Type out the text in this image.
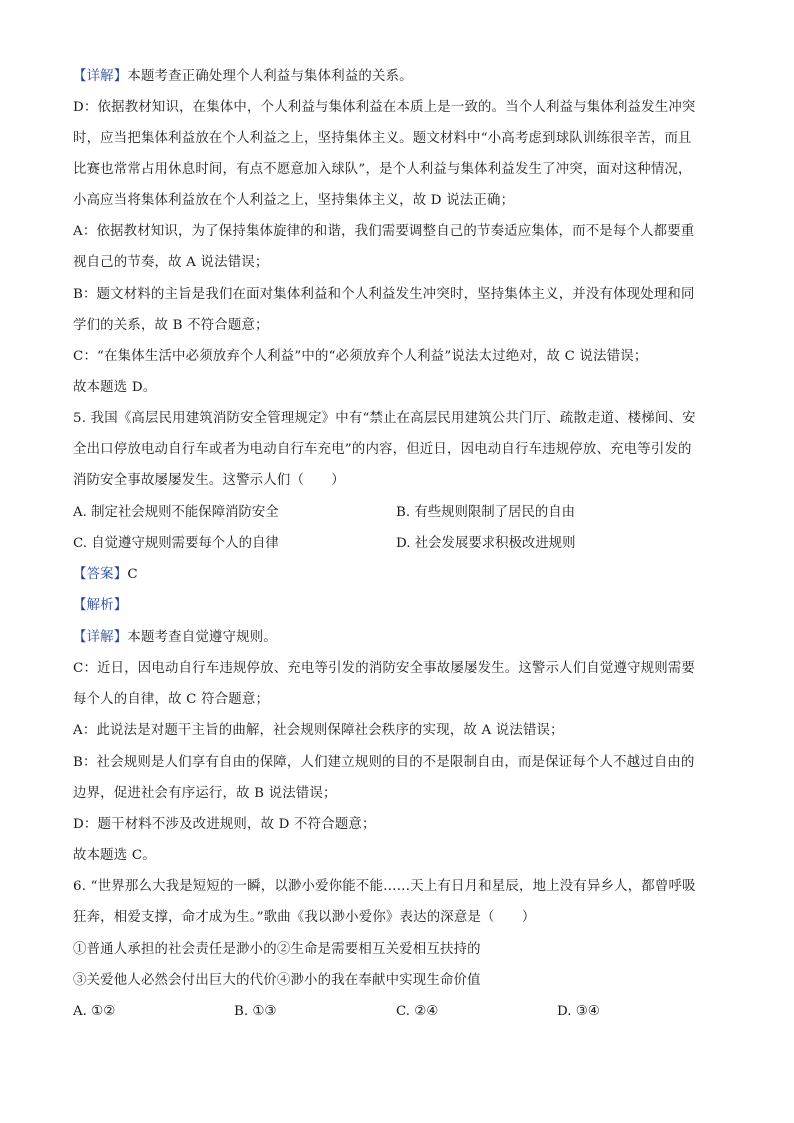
【详解】本题考查正确处理个人利益与集体利益的关系。
D：依据教材知识，在集体中，个人利益与集体利益在本质上是一致的。当个人利益与集体利益发生冲突
时，应当把集体利益放在个人利益之上，坚持集体主义。题文材料中“小高考虑到球队训练很辛苦，而且
比赛也常常占用休息时间，有点不愿意加入球队”，是个人利益与集体利益发生了冲突，面对这种情况，
小高应当将集体利益放在个人利益之上，坚持集体主义，故 D 说法正确；
A：依据教材知识，为了保持集体旋律的和谐，我们需要调整自己的节奏适应集体，而不是每个人都要重
视自己的节奏，故 A 说法错误；
B：题文材料的主旨是我们在面对集体利益和个人利益发生冲突时，坚持集体主义，并没有体现处理和同
学们的关系，故 B 不符合题意；
C：“在集体生活中必须放弃个人利益”中的“必须放弃个人利益”说法太过绝对，故 C 说法错误；
故本题选 D。
5. 我国《高层民用建筑消防安全管理规定》中有“禁止在高层民用建筑公共门厅、疏散走道、楼梯间、安
全出口停放电动自行车或者为电动自行车充电”的内容，但近日，因电动自行车违规停放、充电等引发的
消防安全事故屡屡发生。这警示人们（　　）
A. 制定社会规则不能保障消防安全	B. 有些规则限制了居民的自由
C. 自觉遵守规则需要每个人的自律	D. 社会发展要求积极改进规则
【答案】C
【解析】
【详解】本题考查自觉遵守规则。
C：近日，因电动自行车违规停放、充电等引发的消防安全事故屡屡发生。这警示人们自觉遵守规则需要
每个人的自律，故 C 符合题意；
A：此说法是对题干主旨的曲解，社会规则保障社会秩序的实现，故 A 说法错误；
B：社会规则是人们享有自由的保障，人们建立规则的目的不是限制自由，而是保证每个人不越过自由的
边界，促进社会有序运行，故 B 说法错误；
D：题干材料不涉及改进规则，故 D 不符合题意；
故本题选 C。
6. “世界那么大我是短短的一瞬，以渺小爱你能不能……天上有日月和星辰，地上没有异乡人，都曾呼吸
狂奔，相爱支撑，命才成为生。”歌曲《我以渺小爱你》表达的深意是（　　）
①普通人承担的社会责任是渺小的②生命是需要相互关爱相互扶持的
③关爱他人必然会付出巨大的代价④渺小的我在奉献中实现生命价值
A. ①②	B. ①③	C. ②④	D. ③④
